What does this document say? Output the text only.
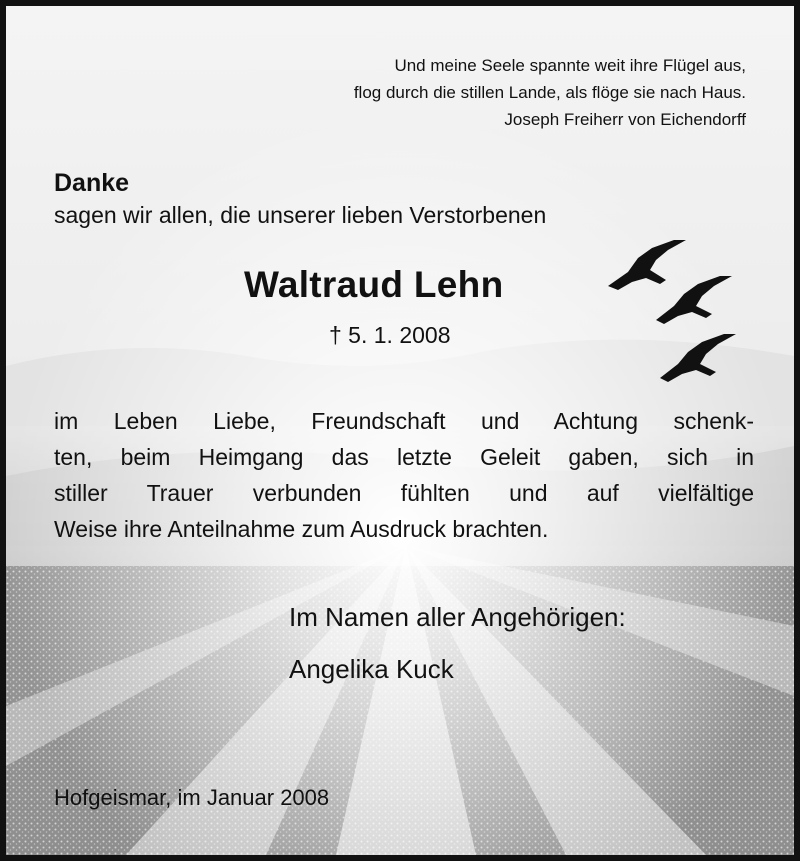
Und meine Seele spannte weit ihre Flügel aus,
flog durch die stillen Lande, als flöge sie nach Haus.
Joseph Freiherr von Eichendorff
Danke
sagen wir allen, die unserer lieben Verstorbenen
Waltraud Lehn
† 5. 1. 2008
im Leben Liebe, Freundschaft und Achtung schenk-
ten, beim Heimgang das letzte Geleit gaben, sich in
stiller Trauer verbunden fühlten und auf vielfältige
Weise ihre Anteilnahme zum Ausdruck brachten.
Im Namen aller Angehörigen:
Angelika Kuck
Hofgeismar, im Januar 2008
